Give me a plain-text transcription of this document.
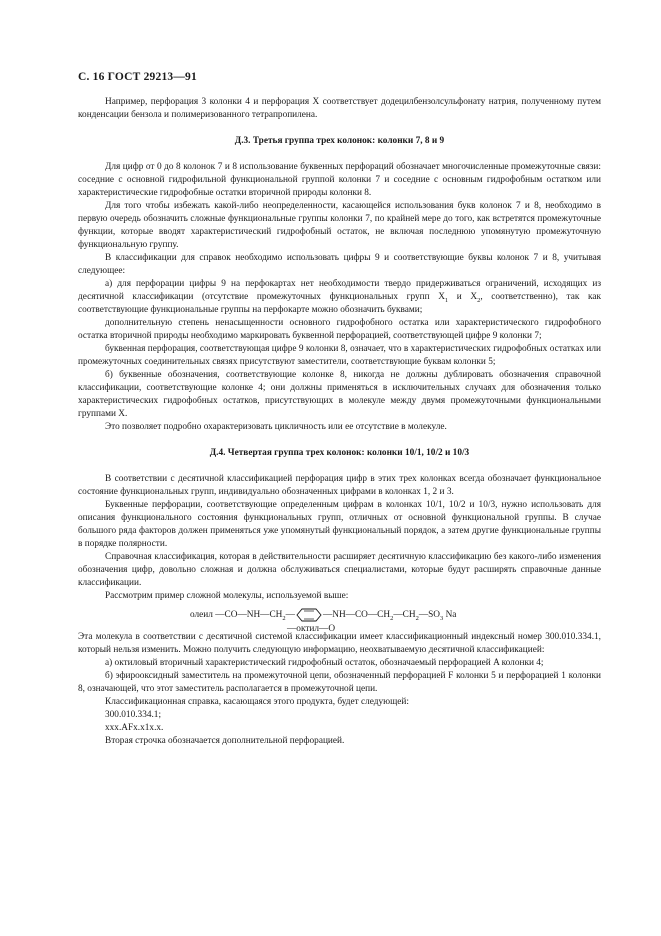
С. 16 ГОСТ 29213—91

Например, перфорация 3 колонки 4 и перфорация X соответствует додецилбензолсульфонату натрия, полученному путем конденсации бензола и полимеризованного тетрапропилена.

Д.3. Третья группа трех колонок: колонки 7, 8 и 9

Для цифр от 0 до 8 колонок 7 и 8 использование буквенных перфораций обозначает многочисленные промежуточные связи: соседние с основной гидрофильной функциональной группой колонки 7 и соседние с основным гидрофобным остатком или характеристические гидрофобные остатки вторичной природы колонки 8.

Для того чтобы избежать какой-либо неопределенности, касающейся использования букв колонок 7 и 8, необходимо в первую очередь обозначить сложные функциональные группы колонки 7, по крайней мере до того, как встретятся промежуточные функции, которые вводят характеристический гидрофобный остаток, не включая последнюю упомянутую промежуточную функциональную группу.

В классификации для справок необходимо использовать цифры 9 и соответствующие буквы колонок 7 и 8, учитывая следующее:

а) для перфорации цифры 9 на перфокартах нет необходимости твердо придерживаться ограничений, исходящих из десятичной классификации (отсутствие промежуточных функциональных групп $X_1$ и $X_2$, соответственно), так как соответствующие функциональные группы на перфокарте можно обозначить буквами;

дополнительную степень ненасыщенности основного гидрофобного остатка или характеристического гидрофобного остатка вторичной природы необходимо маркировать буквенной перфорацией, соответствующей цифре 9 колонки 7;

буквенная перфорация, соответствующая цифре 9 колонки 8, означает, что в характеристических гидрофобных остатках или промежуточных соединительных связях присутствуют заместители, соответствующие буквам колонки 5;

б) буквенные обозначения, соответствующие колонке 8, никогда не должны дублировать обозначения справочной классификации, соответствующие колонке 4; они должны применяться в исключительных случаях для обозначения только характеристических гидрофобных остатков, присутствующих в молекуле между двумя промежуточными функциональными группами X.

Это позволяет подробно охарактеризовать цикличность или ее отсутствие в молекуле.

Д.4. Четвертая группа трех колонок: колонки 10/1, 10/2 и 10/3

В соответствии с десятичной классификацией перфорация цифр в этих трех колонках всегда обозначает функциональное состояние функциональных групп, индивидуально обозначенных цифрами в колонках 1, 2 и 3.

Буквенные перфорации, соответствующие определенным цифрам в колонках 10/1, 10/2 и 10/3, нужно использовать для описания функционального состояния функциональных групп, отличных от основной функциональной группы. В случае большого ряда факторов должен применяться уже упомянутый функциональный порядок, а затем другие функциональные группы в порядке полярности.

Справочная классификация, которая в действительности расширяет десятичную классификацию без какого-либо изменения обозначения цифр, довольно сложная и должна обслуживаться специалистами, которые будут расширять справочные данные классификации.

Рассмотрим пример сложной молекулы, используемой выше:

олеил $—CO—NH—CH_2—$	$—NH—CO—CH_2—CH_2—SO_3$ Na
—октил—O

Эта молекула в соответствии с десятичной системой классификации имеет классификационный индексный номер 300.010.334.1, который нельзя изменить. Можно получить следующую информацию, неохватываемую десятичной классификацией:

а) октиловый вторичный характеристический гидрофобный остаток, обозначаемый перфорацией A колонки 4;

б) эфирооксидный заместитель на промежуточной цепи, обозначенный перфорацией F колонки 5 и перфорацией 1 колонки 8, означающей, что этот заместитель располагается в промежуточной цепи.

Классификационная справка, касающаяся этого продукта, будет следующей:

300.010.334.1;

xxx.AFx.x1x.x.

Вторая строчка обозначается дополнительной перфорацией.
